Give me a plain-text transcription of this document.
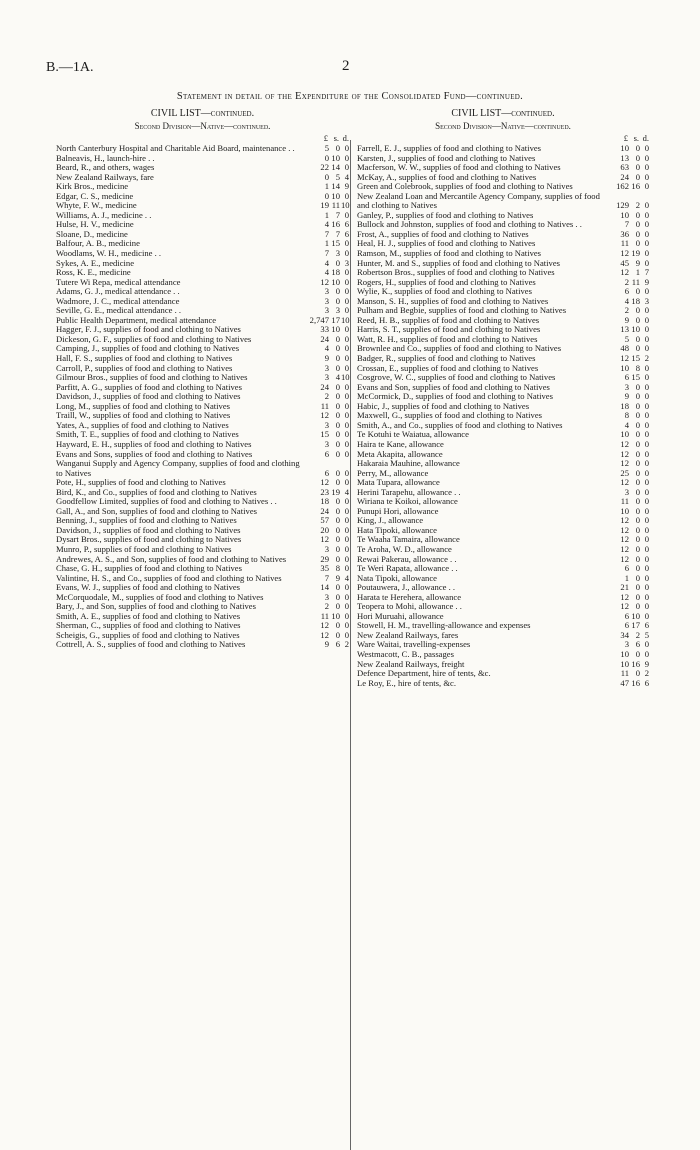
B.—1A.	2
Statement in detail of the Expenditure of the Consolidated Fund—continued.
CIVIL LIST—continued.
Second Division—Native—continued.
£ s. d.
North Canterbury Hospital and Charitable Aid Board, maintenance . .	5 0 0
Balneavis, H., launch-hire . .	0 10 0
Beard, R., and others, wages	22 14 0
New Zealand Railways, fare	0 5 4
Kirk Bros., medicine	1 14 9
Edgar, C. S., medicine	0 10 0
Whyte, F. W., medicine	19 11 10
Williams, A. J., medicine . .	1 7 0
Hulse, H. V., medicine	4 16 6
Sloane, D., medicine	7 7 6
Balfour, A. B., medicine	1 15 0
Woodlams, W. H., medicine . .	7 3 0
Sykes, A. E., medicine	4 0 3
Ross, K. E., medicine	4 18 0
Tutere Wi Repa, medical attendance	12 10 0
Adams, G. J., medical attendance . .	3 0 0
Wadmore, J. C., medical attendance	3 0 0
Seville, G. E., medical attendance . .	3 3 0
Public Health Department, medical attendance	2,747 17 10
Hagger, F. J., supplies of food and clothing to Natives	33 10 0
Dickeson, G. F., supplies of food and clothing to Natives	24 0 0
Camping, J., supplies of food and clothing to Natives	4 0 0
Hall, F. S., supplies of food and clothing to Natives	9 0 0
Carroll, P., supplies of food and clothing to Natives	3 0 0
Gilmour Bros., supplies of food and clothing to Natives	3 4 10
Parfitt, A. G., supplies of food and clothing to Natives	24 0 0
Davidson, J., supplies of food and clothing to Natives	2 0 0
Long, M., supplies of food and clothing to Natives	11 0 0
Traill, W., supplies of food and clothing to Natives	12 0 0
Yates, A., supplies of food and clothing to Natives	3 0 0
Smith, T. E., supplies of food and clothing to Natives	15 0 0
Hayward, E. H., supplies of food and clothing to Natives	3 0 0
Evans and Sons, supplies of food and clothing to Natives	6 0 0
Wanganui Supply and Agency Company, supplies of food and clothing to Natives	6 0 0
Pote, H., supplies of food and clothing to Natives	12 0 0
Bird, K., and Co., supplies of food and clothing to Natives	23 19 4
Goodfellow Limited, supplies of food and clothing to Natives . .	18 0 0
Gall, A., and Son, supplies of food and clothing to Natives	24 0 0
Benning, J., supplies of food and clothing to Natives	57 0 0
Davidson, J., supplies of food and clothing to Natives	20 0 0
Dysart Bros., supplies of food and clothing to Natives	12 0 0
Munro, P., supplies of food and clothing to Natives	3 0 0
Andrewes, A. S., and Son, supplies of food and clothing to Natives	29 0 0
Chase, G. H., supplies of food and clothing to Natives	35 8 0
Valintine, H. S., and Co., supplies of food and clothing to Natives	7 9 4
Evans, W. J., supplies of food and clothing to Natives	14 0 0
McCorquodale, M., supplies of food and clothing to Natives	3 0 0
Bary, J., and Son, supplies of food and clothing to Natives	2 0 0
Smith, A. E., supplies of food and clothing to Natives	11 10 0
Sherman, C., supplies of food and clothing to Natives	12 0 0
Scheigis, G., supplies of food and clothing to Natives	12 0 0
Cottrell, A. S., supplies of food and clothing to Natives	9 6 2
CIVIL LIST—continued.
Second Division—Native—continued.
£ s. d.
Farrell, E. J., supplies of food and clothing to Natives	10 0 0
Karsten, J., supplies of food and clothing to Natives	13 0 0
Macferson, W. W., supplies of food and clothing to Natives	63 0 0
McKay, A., supplies of food and clothing to Natives	24 0 0
Green and Colebrook, supplies of food and clothing to Natives	162 16 0
New Zealand Loan and Mercantile Agency Company, supplies of food and clothing to Natives	129 2 0
Ganley, P., supplies of food and clothing to Natives	10 0 0
Bullock and Johnston, supplies of food and clothing to Natives . .	7 0 0
Frost, A., supplies of food and clothing to Natives	36 0 0
Heal, H. J., supplies of food and clothing to Natives	11 0 0
Ramson, M., supplies of food and clothing to Natives	12 19 0
Hunter, M. and S., supplies of food and clothing to Natives	45 9 0
Robertson Bros., supplies of food and clothing to Natives	12 1 7
Rogers, H., supplies of food and clothing to Natives	2 11 9
Wylie, K., supplies of food and clothing to Natives	6 0 0
Manson, S. H., supplies of food and clothing to Natives	4 18 3
Pulham and Begbie, supplies of food and clothing to Natives	2 0 0
Reed, H. B., supplies of food and clothing to Natives	9 0 0
Harris, S. T., supplies of food and clothing to Natives	13 10 0
Watt, R. H., supplies of food and clothing to Natives	5 0 0
Brownlee and Co., supplies of food and clothing to Natives	48 0 0
Badger, R., supplies of food and clothing to Natives	12 15 2
Crossan, E., supplies of food and clothing to Natives	10 8 0
Cosgrove, W. C., supplies of food and clothing to Natives	6 15 0
Evans and Son, supplies of food and clothing to Natives	3 0 0
McCormick, D., supplies of food and clothing to Natives	9 0 0
Habic, J., supplies of food and clothing to Natives	18 0 0
Maxwell, G., supplies of food and clothing to Natives	8 0 0
Smith, A., and Co., supplies of food and clothing to Natives	4 0 0
Te Kotuhi te Waiatua, allowance	10 0 0
Haira te Kane, allowance	12 0 0
Meta Akapita, allowance	12 0 0
Hakaraia Mauhine, allowance	12 0 0
Perry, M., allowance	25 0 0
Mata Tupara, allowance	12 0 0
Herini Tarapehu, allowance . .	3 0 0
Wiriana te Koikoi, allowance	11 0 0
Punupi Hori, allowance	10 0 0
King, J., allowance	12 0 0
Hata Tipoki, allowance	12 0 0
Te Waaha Tamaira, allowance	12 0 0
Te Aroha, W. D., allowance	12 0 0
Rewai Pakerau, allowance . .	12 0 0
Te Weri Rapata, allowance . .	6 0 0
Nata Tipoki, allowance	1 0 0
Poutauwera, J., allowance . .	21 0 0
Harata te Herehera, allowance	12 0 0
Teopera to Mohi, allowance . .	12 0 0
Hori Muruahi, allowance	6 10 0
Stowell, H. M., travelling-allowance and expenses	6 17 6
New Zealand Railways, fares	34 2 5
Ware Waitai, travelling-expenses	3 6 0
Westmacott, C. B., passages	10 0 0
New Zealand Railways, freight	10 16 9
Defence Department, hire of tents, &c.	11 0 2
Le Roy, E., hire of tents, &c.	47 16 6
